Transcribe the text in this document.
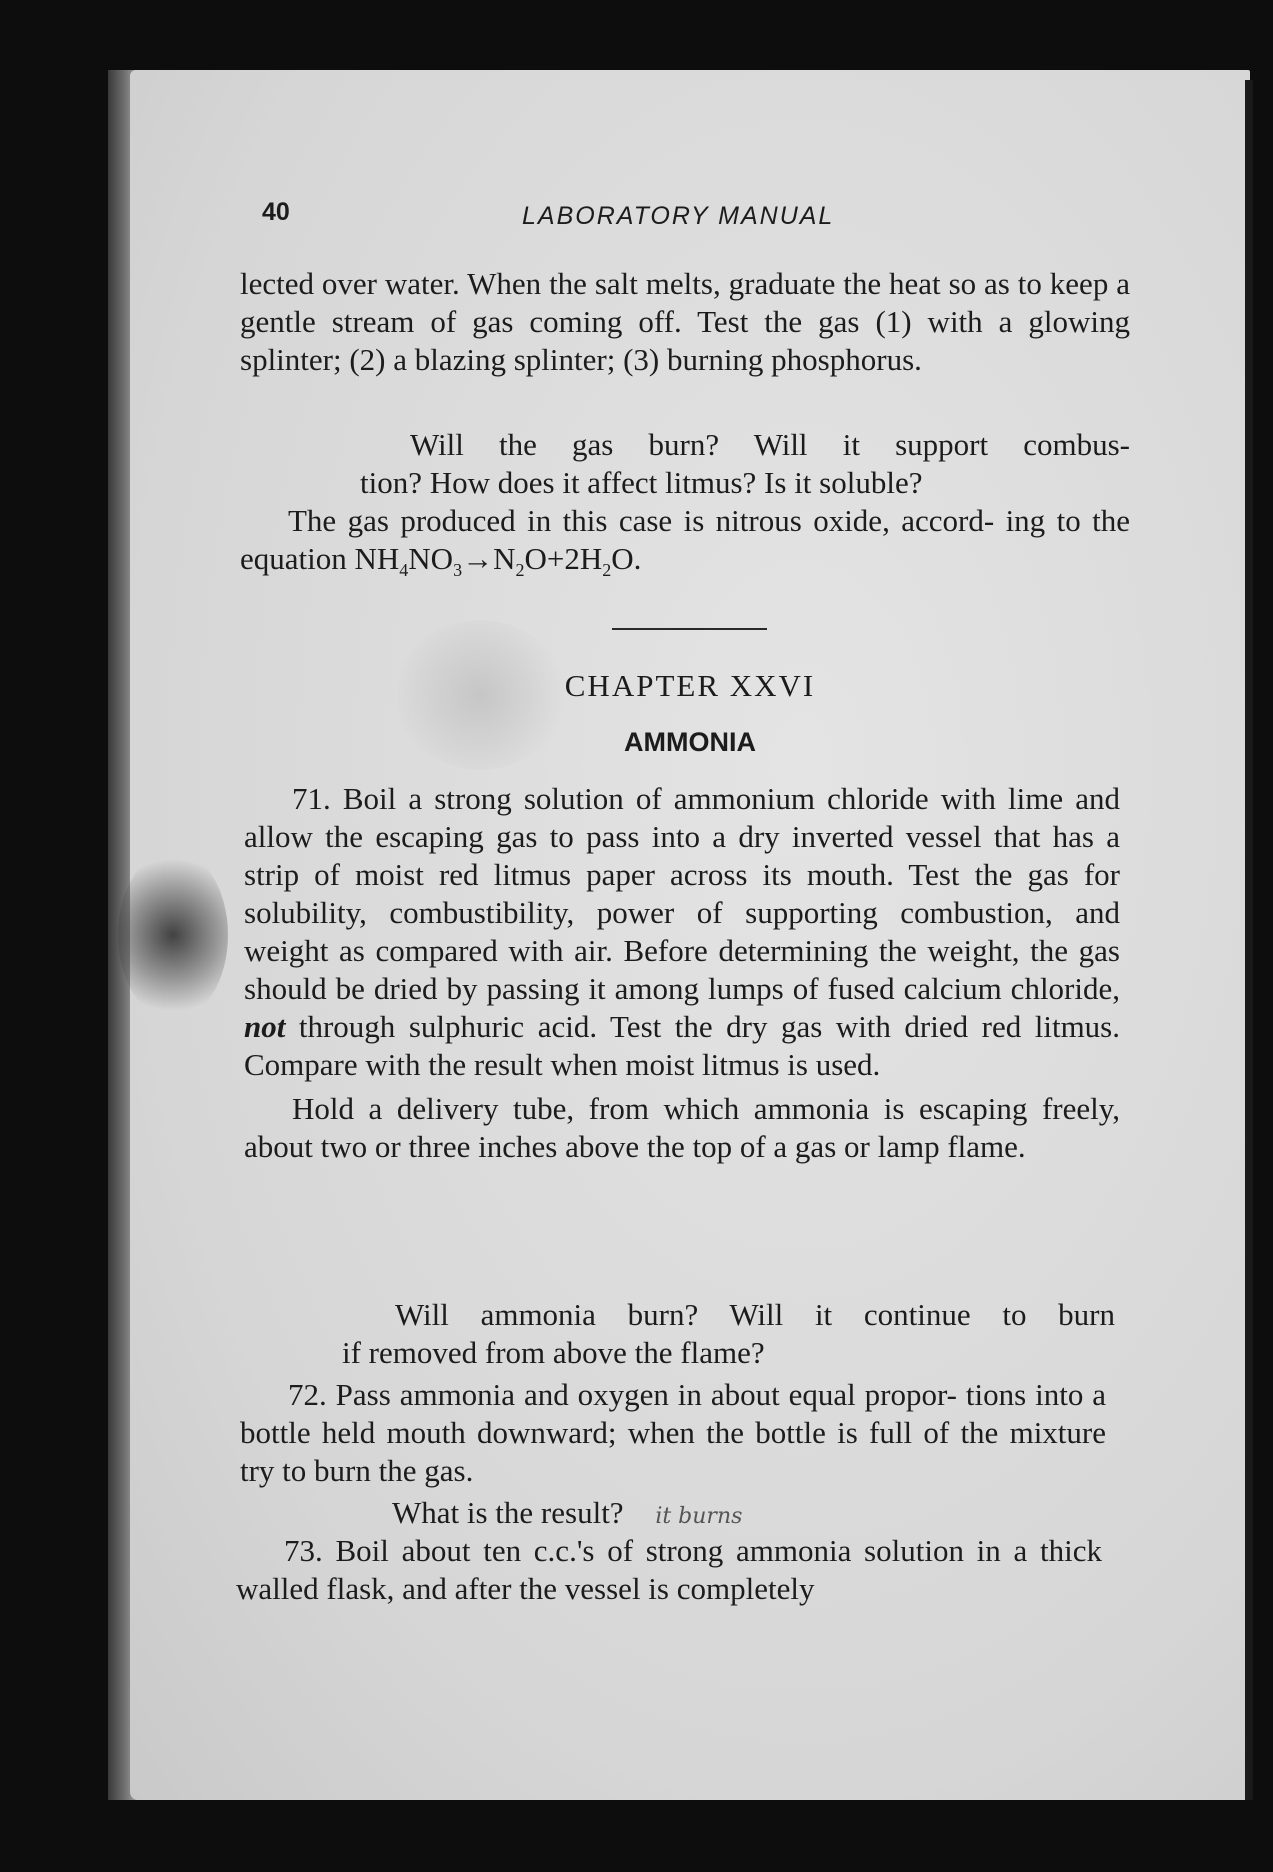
40	LABORATORY MANUAL

lected over water. When the salt melts, graduate the heat so as to keep a gentle stream of gas coming off. Test the gas (1) with a glowing splinter; (2) a blazing splinter; (3) burning phosphorus.

Will the gas burn? Will it support combus-
tion? How does it affect litmus? Is it soluble?

The gas produced in this case is nitrous oxide, accord- ing to the equation $NH_4NO_3\to N_2O+2H_2O$.

CHAPTER XXVI
AMMONIA

71. Boil a strong solution of ammonium chloride with lime and allow the escaping gas to pass into a dry inverted vessel that has a strip of moist red litmus paper across its mouth. Test the gas for solubility, combustibility, power of supporting combustion, and weight as compared with air. Before determining the weight, the gas should be dried by passing it among lumps of fused calcium chloride, not through sulphuric acid. Test the dry gas with dried red litmus. Compare with the result when moist litmus is used.

Hold a delivery tube, from which ammonia is escaping freely, about two or three inches above the top of a gas or lamp flame.

Will ammonia burn? Will it continue to burn
if removed from above the flame?

72. Pass ammonia and oxygen in about equal propor- tions into a bottle held mouth downward; when the bottle is full of the mixture try to burn the gas.

What is the result? it burns

73. Boil about ten c.c.'s of strong ammonia solution in a thick walled flask, and after the vessel is completely
